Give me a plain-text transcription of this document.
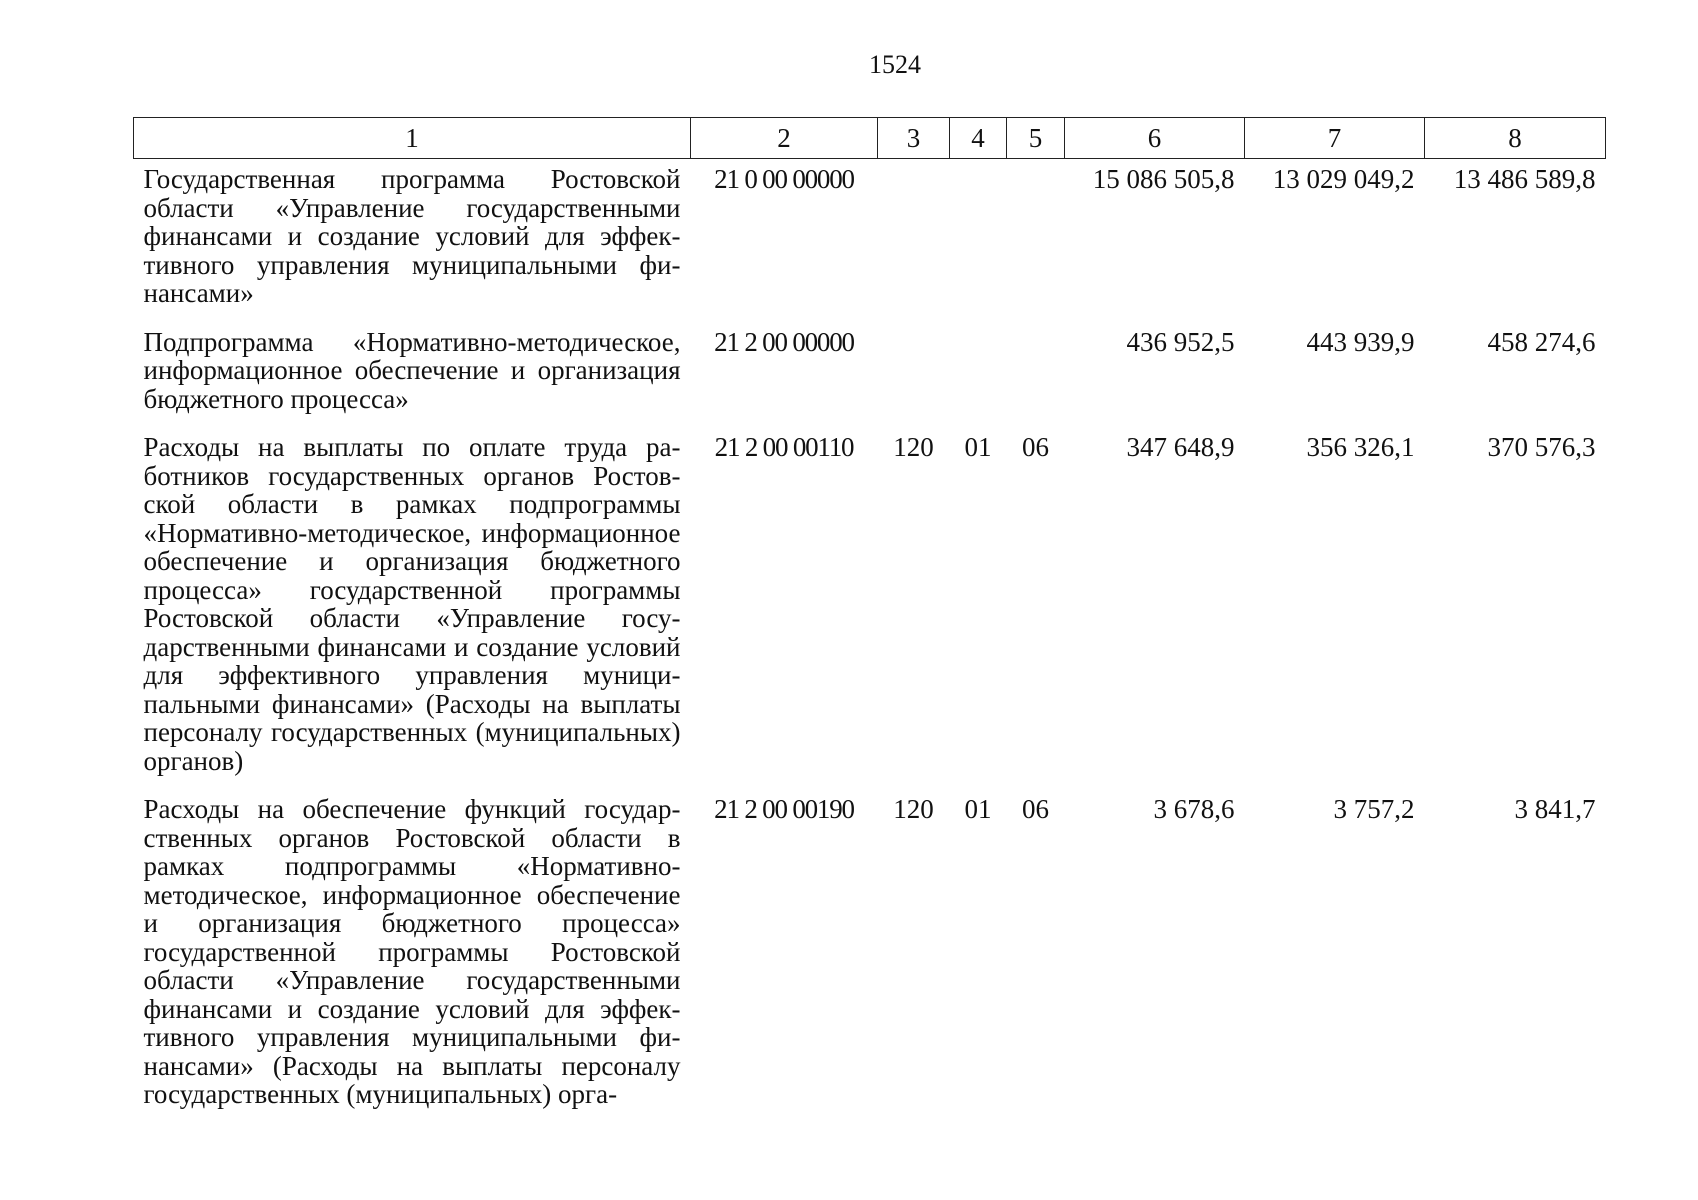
1524
1	2	3	4	5	6	7	8
Государственная программа Ростовской области «Управление государственными финансами и создание условий для эффективного управления муниципальными финансами»	21 0 00 00000				15 086 505,8	13 029 049,2	13 486 589,8
Подпрограмма «Нормативно-методическое, информационное обеспечение и организация бюджетного процесса»	21 2 00 00000				436 952,5	443 939,9	458 274,6
Расходы на выплаты по оплате труда работников государственных органов Ростовской области в рамках подпрограммы «Нормативно-методическое, информационное обеспечение и организация бюджетного процесса» государственной программы Ростовской области «Управление государственными финансами и создание условий для эффективного управления муниципальными финансами» (Расходы на выплаты персоналу государственных (муниципальных) органов)	21 2 00 00110	120	01	06	347 648,9	356 326,1	370 576,3
Расходы на обеспечение функций государственных органов Ростовской области в рамках подпрограммы «Нормативно-методическое, информационное обеспечение и организация бюджетного процесса» государственной программы Ростовской области «Управление государственными финансами и создание условий для эффективного управления муниципальными финансами» (Расходы на выплаты персоналу государственных (муниципальных) орга-	21 2 00 00190	120	01	06	3 678,6	3 757,2	3 841,7
